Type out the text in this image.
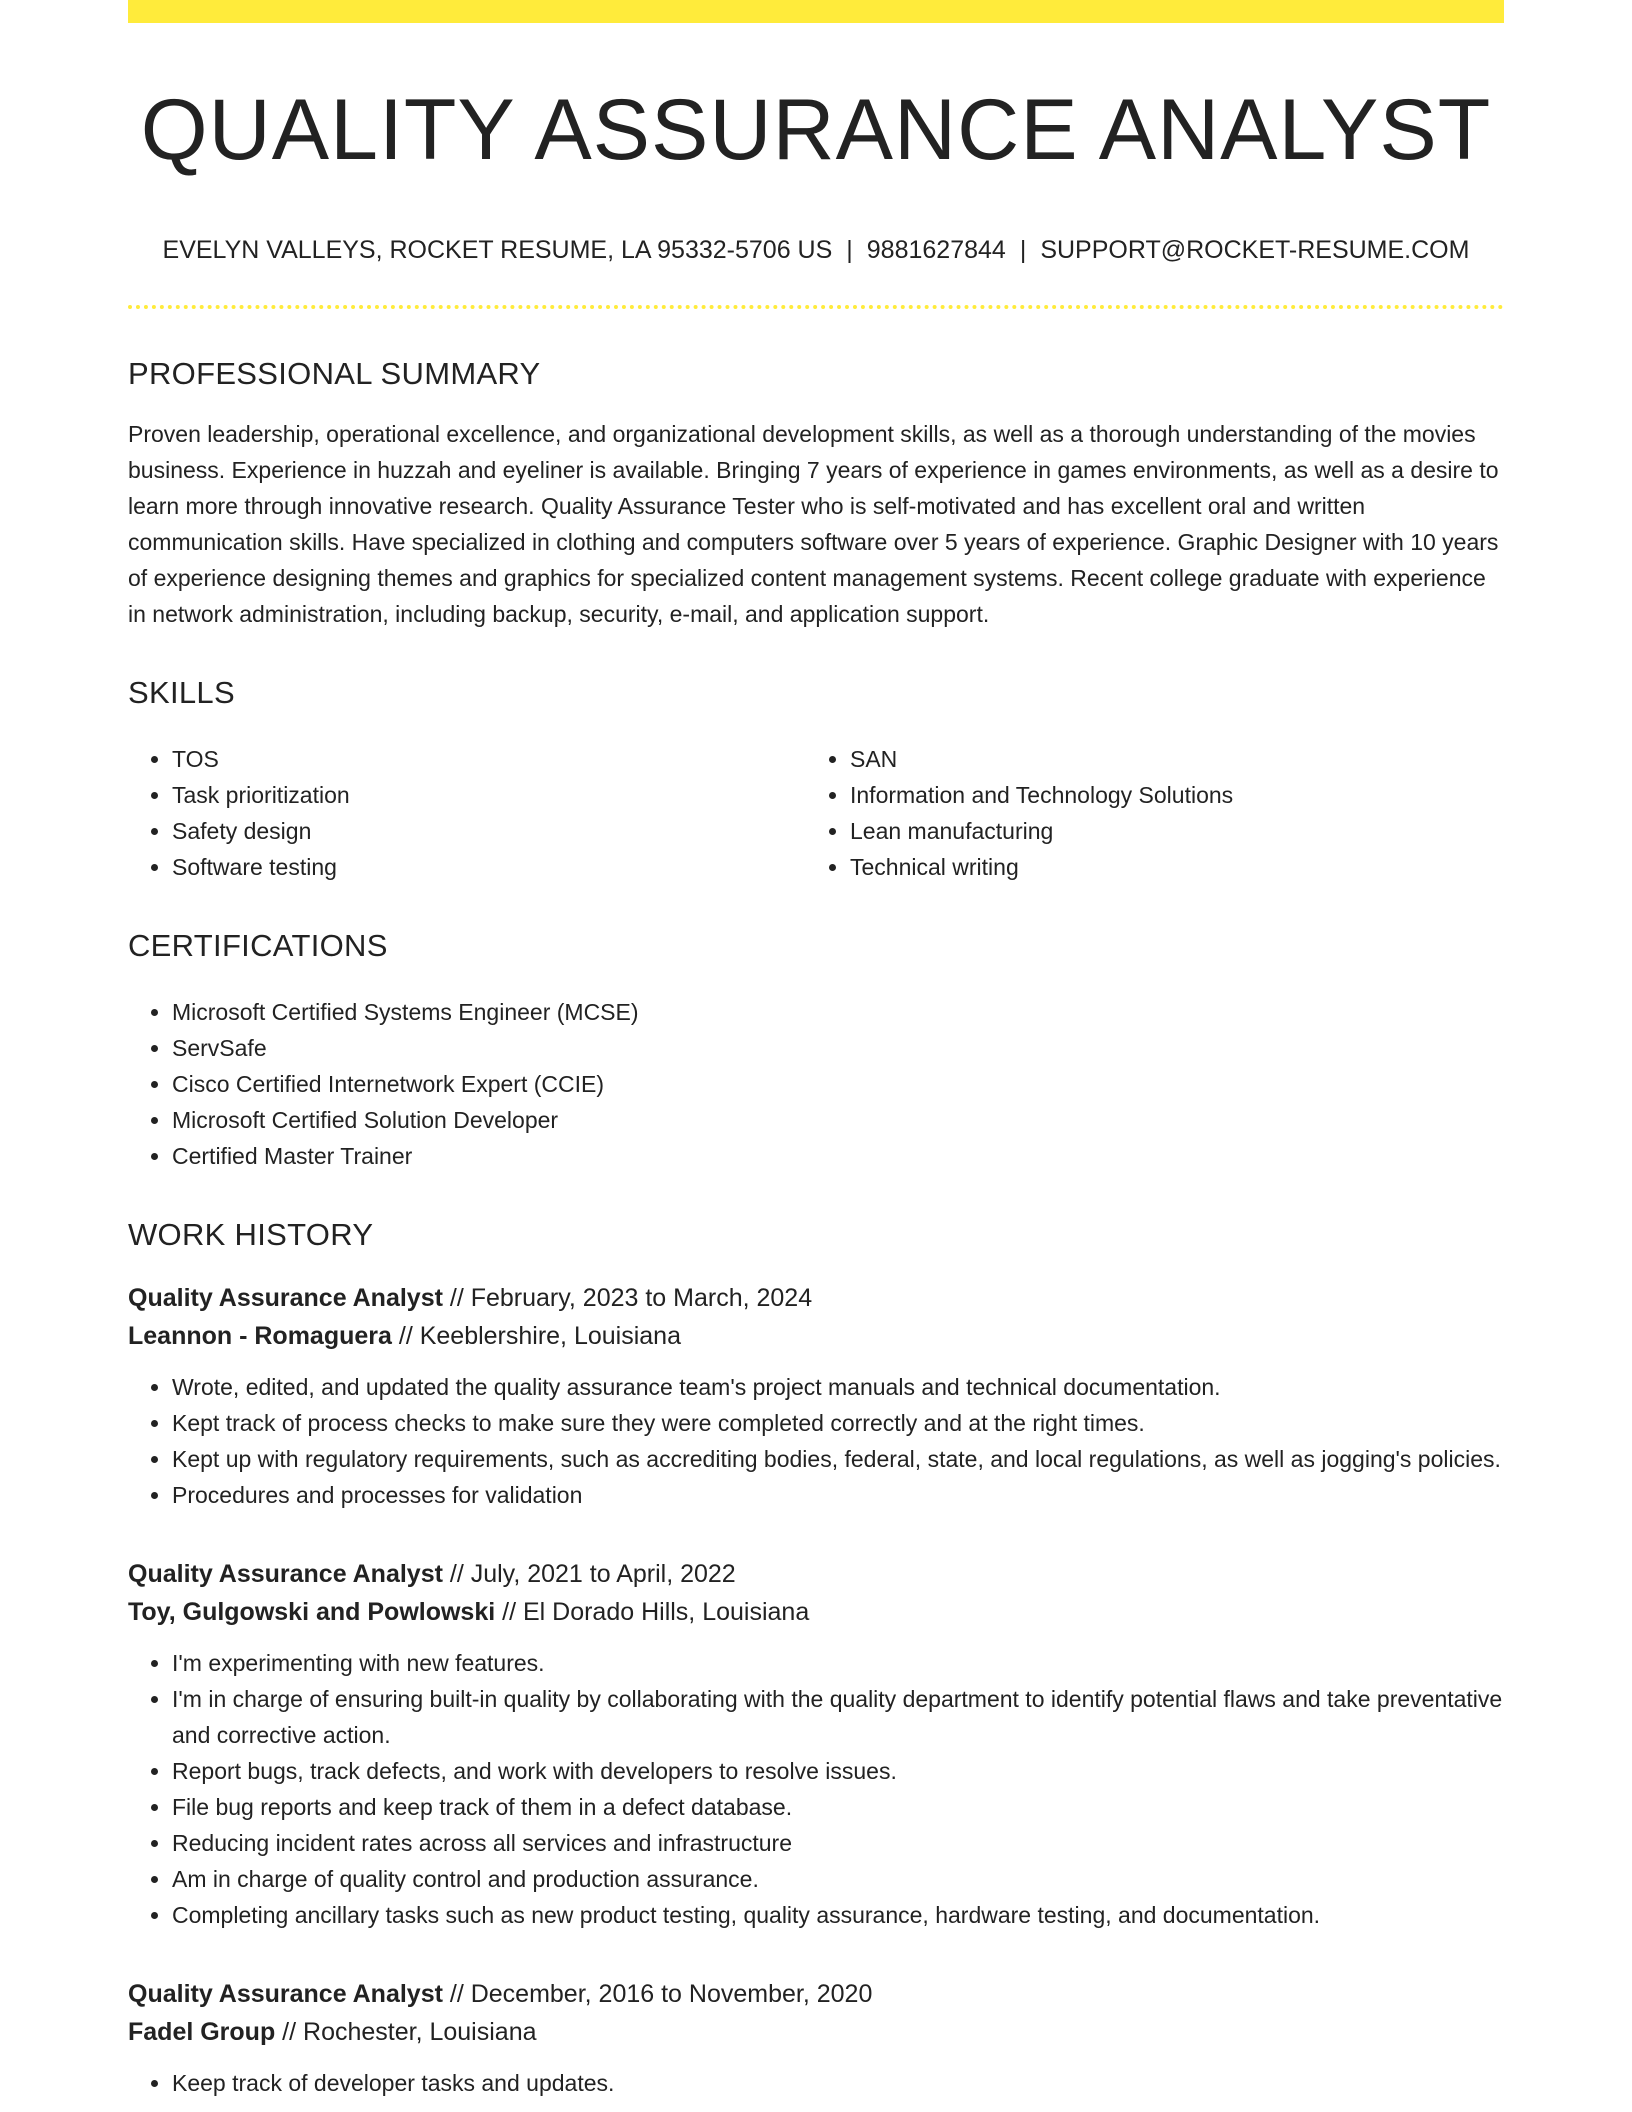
QUALITY ASSURANCE ANALYST
EVELYN VALLEYS, ROCKET RESUME, LA 95332-5706 US | 9881627844 | SUPPORT@ROCKET-RESUME.COM
PROFESSIONAL SUMMARY

Proven leadership, operational excellence, and organizational development skills, as well as a thorough understanding of the movies business. Experience in huzzah and eyeliner is available. Bringing 7 years of experience in games environments, as well as a desire to learn more through innovative research. Quality Assurance Tester who is self-motivated and has excellent oral and written communication skills. Have specialized in clothing and computers software over 5 years of experience. Graphic Designer with 10 years of experience designing themes and graphics for specialized content management systems. Recent college graduate with experience in network administration, including backup, security, e-mail, and application support.

SKILLS
• TOS
• Task prioritization
• Safety design
• Software testing
• SAN
• Information and Technology Solutions
• Lean manufacturing
• Technical writing
CERTIFICATIONS
• Microsoft Certified Systems Engineer (MCSE)
• ServSafe
• Cisco Certified Internetwork Expert (CCIE)
• Microsoft Certified Solution Developer
• Certified Master Trainer
WORK HISTORY
Quality Assurance Analyst // February, 2023 to March, 2024
Leannon - Romaguera // Keeblershire, Louisiana
• Wrote, edited, and updated the quality assurance team's project manuals and technical documentation.
• Kept track of process checks to make sure they were completed correctly and at the right times.
• Kept up with regulatory requirements, such as accrediting bodies, federal, state, and local regulations, as well as jogging's policies.
• Procedures and processes for validation
Quality Assurance Analyst // July, 2021 to April, 2022
Toy, Gulgowski and Powlowski // El Dorado Hills, Louisiana
• I'm experimenting with new features.
• I'm in charge of ensuring built-in quality by collaborating with the quality department to identify potential flaws and take preventative and corrective action.
• Report bugs, track defects, and work with developers to resolve issues.
• File bug reports and keep track of them in a defect database.
• Reducing incident rates across all services and infrastructure
• Am in charge of quality control and production assurance.
• Completing ancillary tasks such as new product testing, quality assurance, hardware testing, and documentation.
Quality Assurance Analyst // December, 2016 to November, 2020
Fadel Group // Rochester, Louisiana
• Keep track of developer tasks and updates.
